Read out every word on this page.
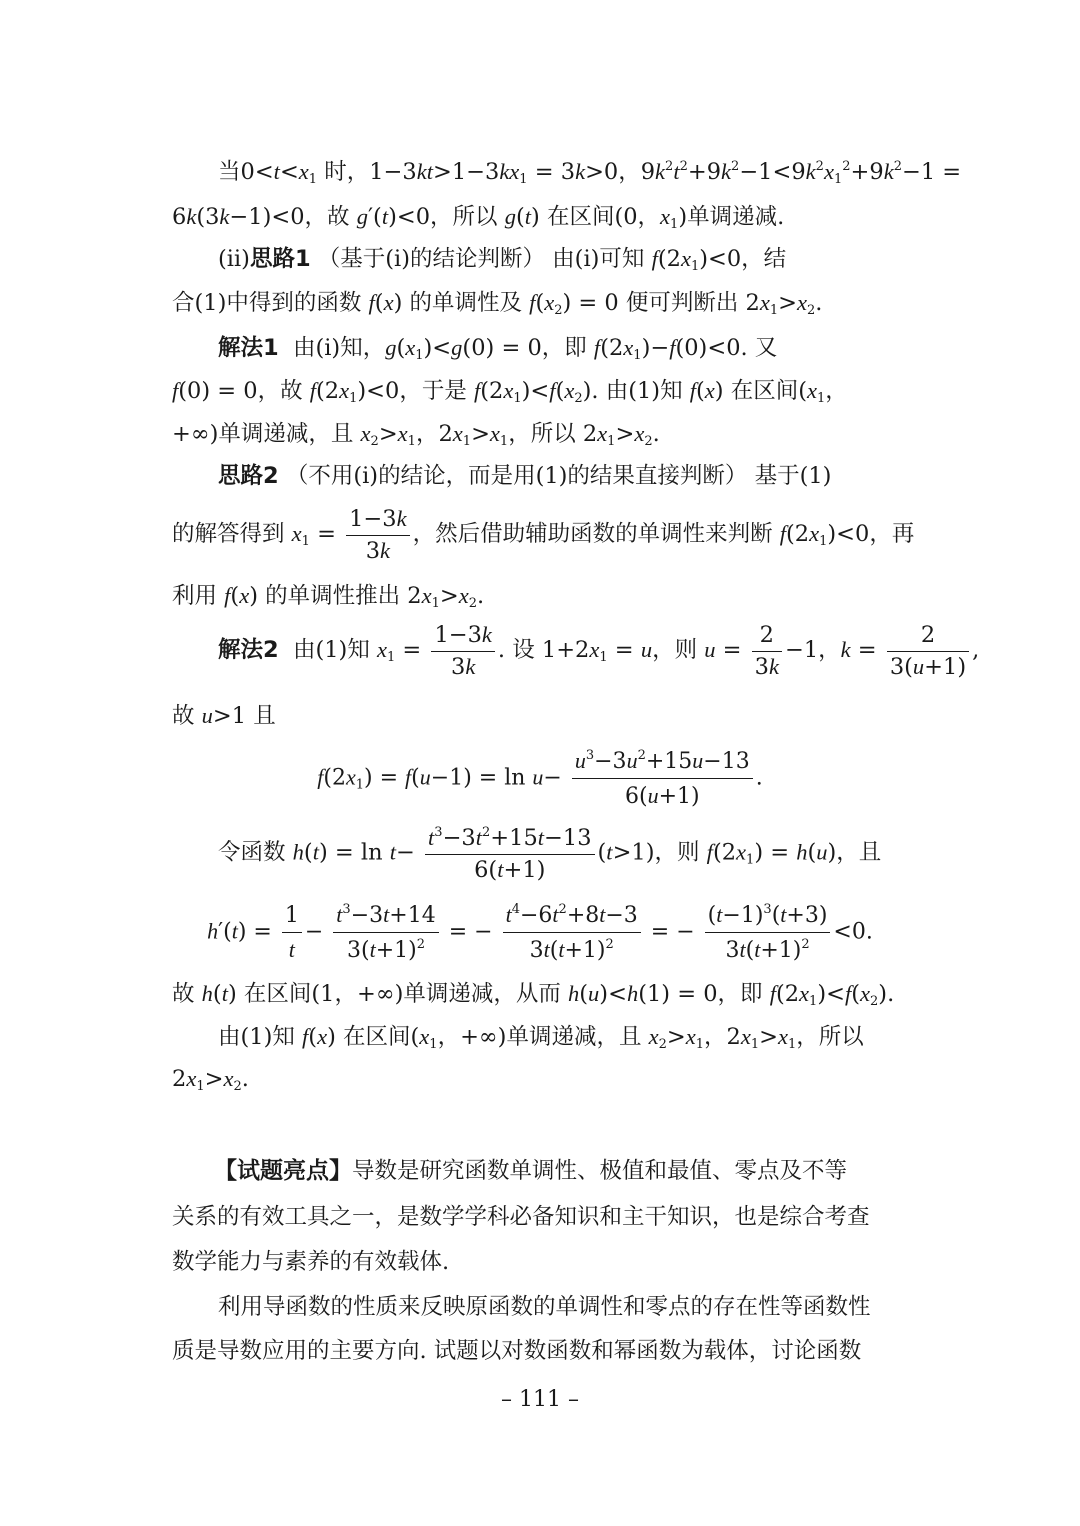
当$0<t<x_1$ 时，$1-3kt>1-3kx_1 = 3k>0$，$9k^2t^2+9k^2-1<9k^2x_1^2+9k^2-1$ =
6k(3k−1)<0，故 g′(t)<0，所以 g(t) 在区间(0，$x_1$)单调递减.
(ⅱ)思路1 （基于(ⅰ)的结论判断） 由(ⅰ)可知 $f(2x_1)<0$，结
合(1)中得到的函数 f(x) 的单调性及 $f(x_2) = 0$ 便可判断出 $2x_1>x_2$.
解法1  由(ⅰ)知，$g(x_1)<g(0) = 0$，即 $f(2x_1)-f(0)<0$. 又
f(0) = 0，故 $f(2x_1)<0$，于是 $f(2x_1)<f(x_2)$. 由(1)知 f(x) 在区间($x_1$，
+∞)单调递减，且 $x_2>x_1$，$2x_1>x_1$，所以 $2x_1>x_2$.
思路2 （不用(ⅰ)的结论，而是用(1)的结果直接判断） 基于(1)
的解答得到 $x_1 = \frac{1-3k}{3k}$ ，然后借助辅助函数的单调性来判断 $f(2x_1)<0$，再
利用 f(x) 的单调性推出 $2x_1>x_2$.
解法2  由(1)知 $x_1 = \frac{1-3k}{3k}$ . 设 $1+2x_1 = u$，则 $u = \frac{2}{3k} -1$，$k = \frac{2}{3(u+1)}$ ,
故 u>1 且
$f(2x_1) = f(u-1) = \ln u- \frac{u^3-3u^2+15u-13}{6(u+1)}$ .
令函数 $h(t) = \ln t- \frac{t^3-3t^2+15t-13}{6(t+1)} (t>1)$，则 $f(2x_1) = h(u)$，且
$h'(t) = \frac{1}{t} - \frac{t^3-3t+14}{3(t+1)^2}$ = − $\frac{t^4-6t^2+8t-3}{3t(t+1)^2}$ = − $\frac{(t-1)^3(t+3)}{3t(t+1)^2} <0$.
故 h(t) 在区间(1，+∞)单调递减，从而 h(u)<h(1) = 0，即 $f(2x_1)<f(x_2)$.
由(1)知 f(x) 在区间($x_1$，+∞)单调递减，且 $x_2>x_1$，$2x_1>x_1$，所以
$2x_1>x_2$.
【试题亮点】导数是研究函数单调性、极值和最值、零点及不等
关系的有效工具之一，是数学学科必备知识和主干知识，也是综合考查
数学能力与素养的有效载体.
利用导函数的性质来反映原函数的单调性和零点的存在性等函数性
质是导数应用的主要方向. 试题以对数函数和幂函数为载体，讨论函数
– 111 –
